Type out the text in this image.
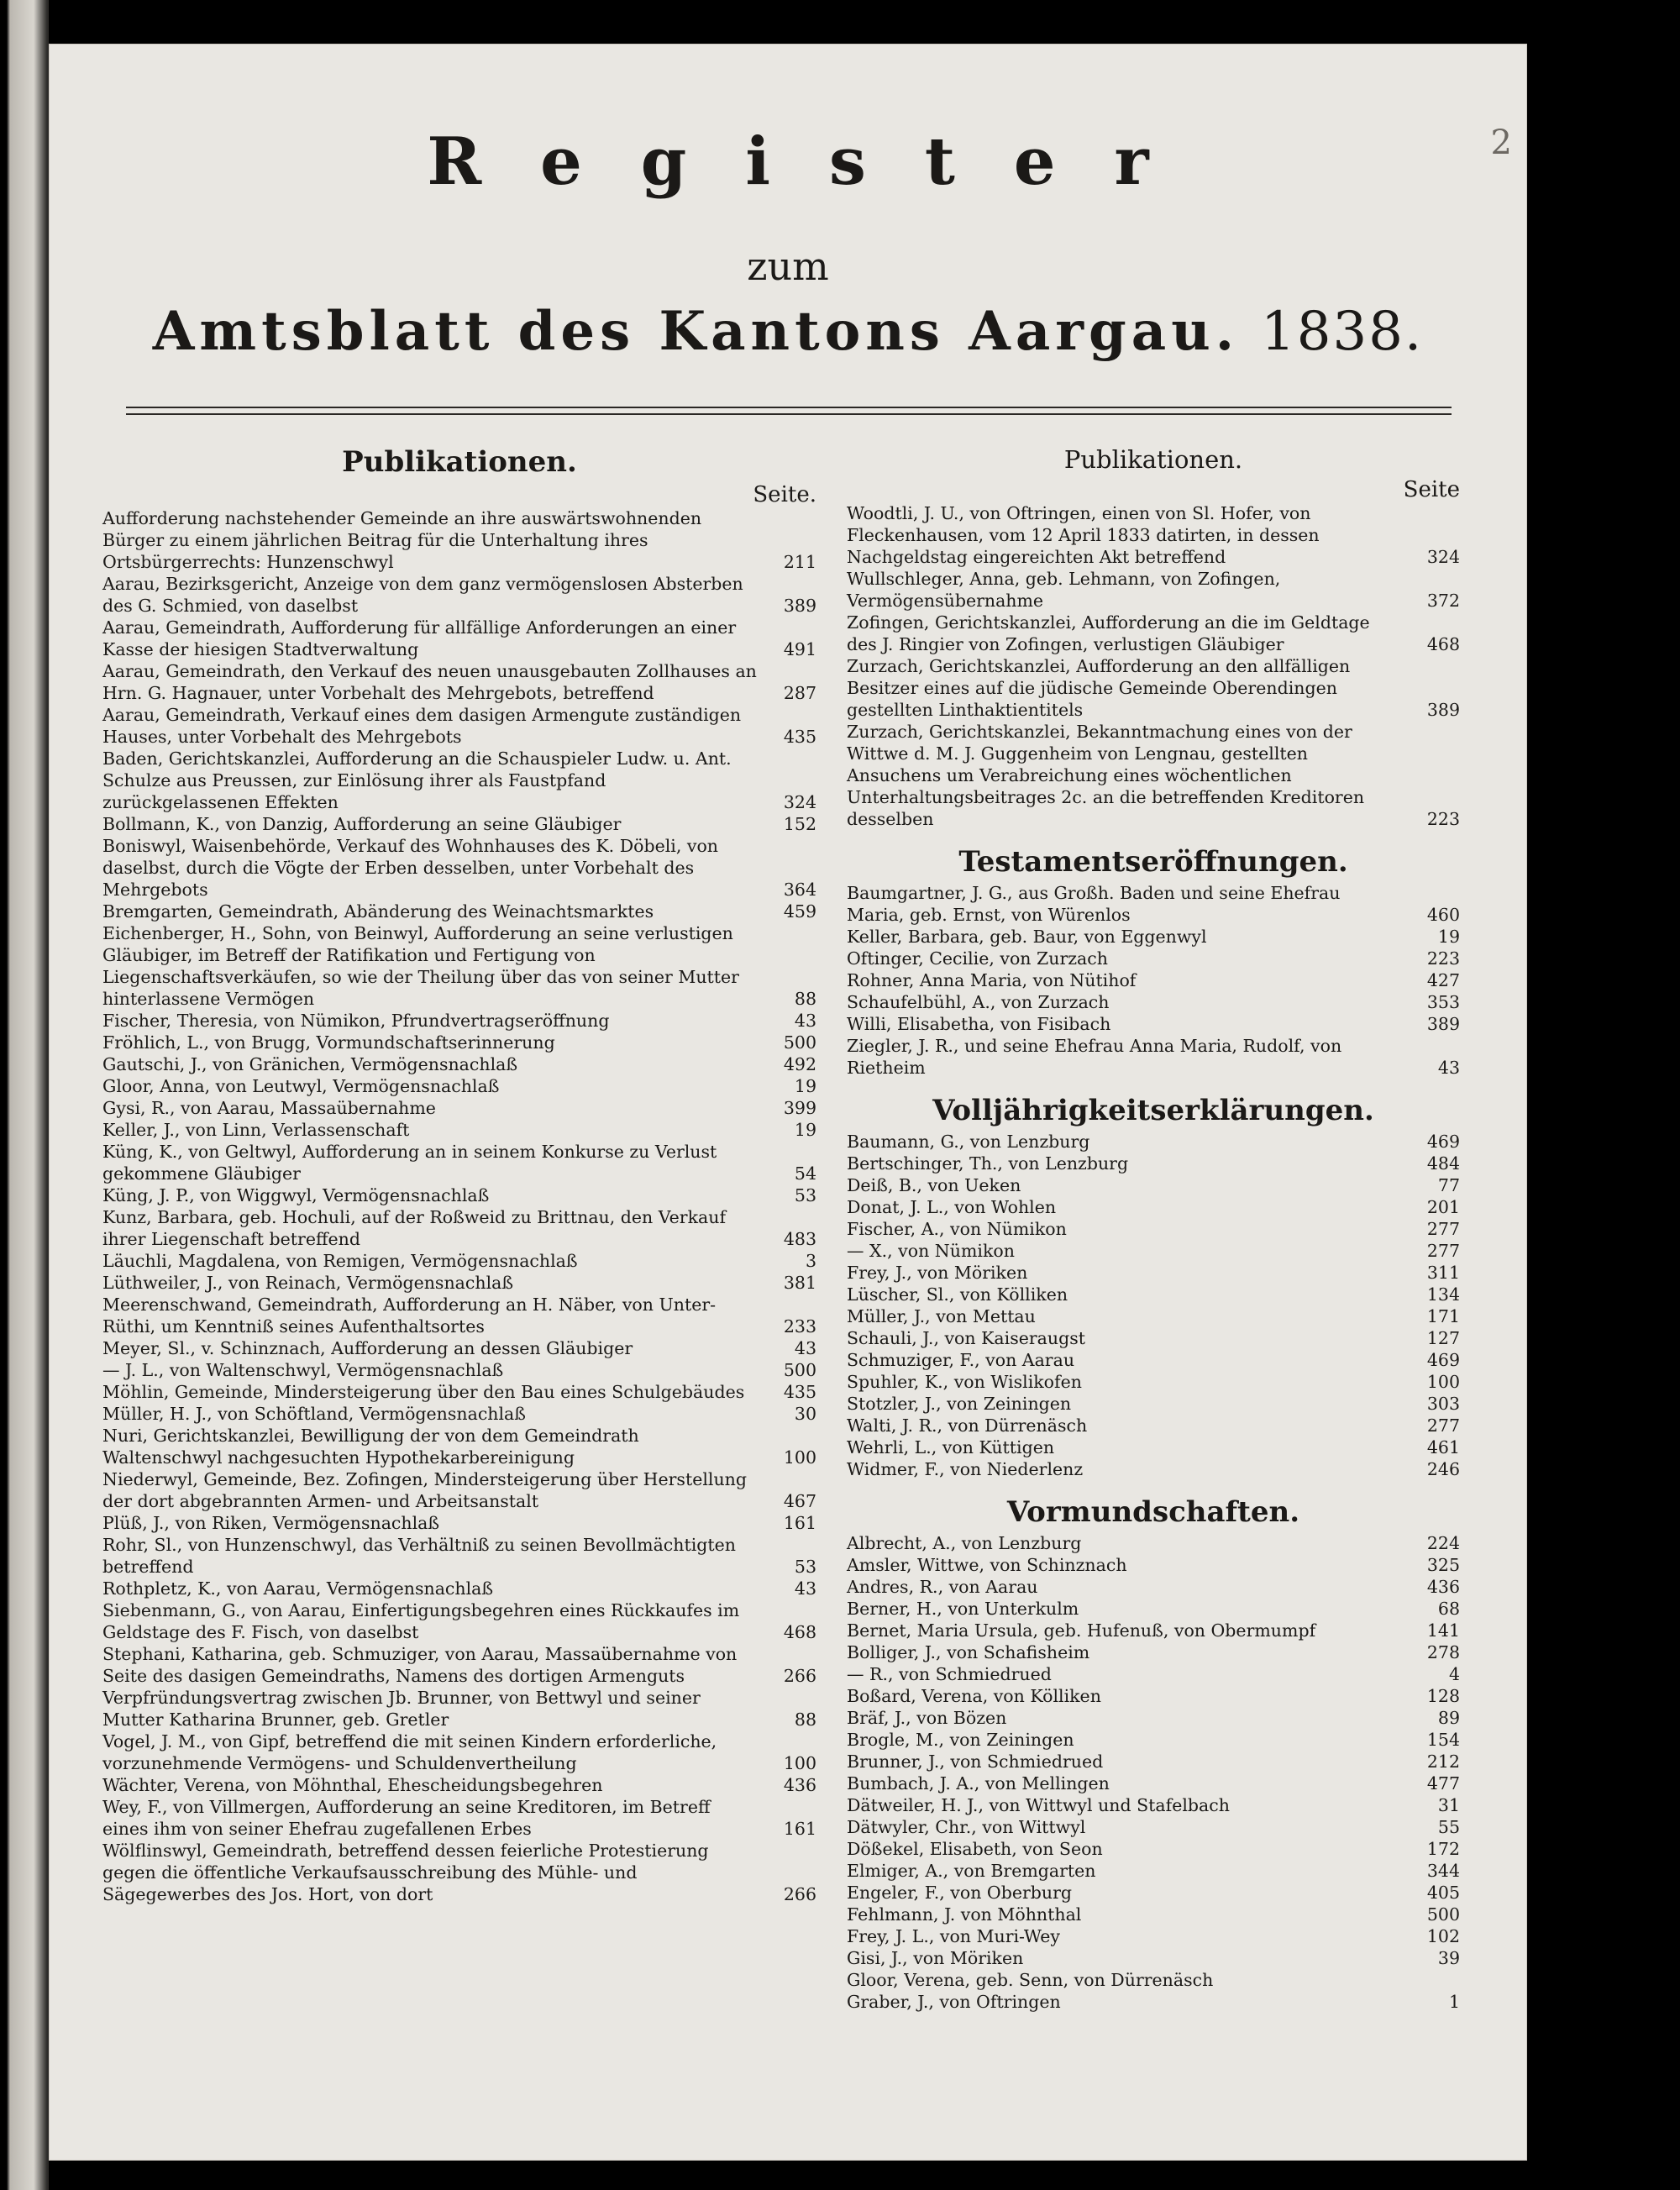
2
Register
zum
Amtsblatt des Kantons Aargau. 1838.
Publikationen.
Seite.
Aufforderung nachstehender Gemeinde an ihre auswärtswohnenden Bürger zu einem jährlichen Beitrag für die Unterhaltung ihres Ortsbürgerrechts: Hunzenschwyl	211
Aarau, Bezirksgericht, Anzeige von dem ganz vermögenslosen Absterben des G. Schmied, von daselbst	389
Aarau, Gemeindrath, Aufforderung für allfällige Anforderungen an einer Kasse der hiesigen Stadtverwaltung	491
Aarau, Gemeindrath, den Verkauf des neuen unausgebauten Zollhauses an Hrn. G. Hagnauer, unter Vorbehalt des Mehrgebots, betreffend	287
Aarau, Gemeindrath, Verkauf eines dem dasigen Armengute zuständigen Hauses, unter Vorbehalt des Mehrgebots	435
Baden, Gerichtskanzlei, Aufforderung an die Schauspieler Ludw. u. Ant. Schulze aus Preussen, zur Einlösung ihrer als Faustpfand zurückgelassenen Effekten	324
Bollmann, K., von Danzig, Aufforderung an seine Gläubiger	152
Boniswyl, Waisenbehörde, Verkauf des Wohnhauses des K. Döbeli, von daselbst, durch die Vögte der Erben desselben, unter Vorbehalt des Mehrgebots	364
Bremgarten, Gemeindrath, Abänderung des Weinachtsmarktes	459
Eichenberger, H., Sohn, von Beinwyl, Aufforderung an seine verlustigen Gläubiger, im Betreff der Ratifikation und Fertigung von Liegenschaftsverkäufen, so wie der Theilung über das von seiner Mutter hinterlassene Vermögen	88
Fischer, Theresia, von Nümikon, Pfrundvertragseröffnung	43
Fröhlich, L., von Brugg, Vormundschaftserinnerung	500
Gautschi, J., von Gränichen, Vermögensnachlaß	492
Gloor, Anna, von Leutwyl, Vermögensnachlaß	19
Gysi, R., von Aarau, Massaübernahme	399
Keller, J., von Linn, Verlassenschaft	19
Küng, K., von Geltwyl, Aufforderung an in seinem Konkurse zu Verlust gekommene Gläubiger	54
Küng, J. P., von Wiggwyl, Vermögensnachlaß	53
Kunz, Barbara, geb. Hochuli, auf der Roßweid zu Brittnau, den Verkauf ihrer Liegenschaft betreffend	483
Läuchli, Magdalena, von Remigen, Vermögensnachlaß	3
Lüthweiler, J., von Reinach, Vermögensnachlaß	381
Meerenschwand, Gemeindrath, Aufforderung an H. Näber, von Unter-Rüthi, um Kenntniß seines Aufenthaltsortes	233
Meyer, Sl., v. Schinznach, Aufforderung an dessen Gläubiger	43
— J. L., von Waltenschwyl, Vermögensnachlaß	500
Möhlin, Gemeinde, Mindersteigerung über den Bau eines Schulgebäudes	435
Müller, H. J., von Schöftland, Vermögensnachlaß	30
Nuri, Gerichtskanzlei, Bewilligung der von dem Gemeindrath Waltenschwyl nachgesuchten Hypothekarbereinigung	100
Niederwyl, Gemeinde, Bez. Zofingen, Mindersteigerung über Herstellung der dort abgebrannten Armen- und Arbeitsanstalt	467
Plüß, J., von Riken, Vermögensnachlaß	161
Rohr, Sl., von Hunzenschwyl, das Verhältniß zu seinen Bevollmächtigten betreffend	53
Rothpletz, K., von Aarau, Vermögensnachlaß	43
Siebenmann, G., von Aarau, Einfertigungsbegehren eines Rückkaufes im Geldstage des F. Fisch, von daselbst	468
Stephani, Katharina, geb. Schmuziger, von Aarau, Massaübernahme von Seite des dasigen Gemeindraths, Namens des dortigen Armenguts	266
Verpfründungsvertrag zwischen Jb. Brunner, von Bettwyl und seiner Mutter Katharina Brunner, geb. Gretler	88
Vogel, J. M., von Gipf, betreffend die mit seinen Kindern erforderliche, vorzunehmende Vermögens- und Schuldenvertheilung	100
Wächter, Verena, von Möhnthal, Ehescheidungsbegehren	436
Wey, F., von Villmergen, Aufforderung an seine Kreditoren, im Betreff eines ihm von seiner Ehefrau zugefallenen Erbes	161
Wölflinswyl, Gemeindrath, betreffend dessen feierliche Protestierung gegen die öffentliche Verkaufsausschreibung des Mühle- und Sägegewerbes des Jos. Hort, von dort	266
Publikationen.
Seite
Woodtli, J. U., von Oftringen, einen von Sl. Hofer, von Fleckenhausen, vom 12 April 1833 datirten, in dessen Nachgeldstag eingereichten Akt betreffend	324
Wullschleger, Anna, geb. Lehmann, von Zofingen, Vermögensübernahme	372
Zofingen, Gerichtskanzlei, Aufforderung an die im Geldtage des J. Ringier von Zofingen, verlustigen Gläubiger	468
Zurzach, Gerichtskanzlei, Aufforderung an den allfälligen Besitzer eines auf die jüdische Gemeinde Oberendingen gestellten Linthaktientitels	389
Zurzach, Gerichtskanzlei, Bekanntmachung eines von der Wittwe d. M. J. Guggenheim von Lengnau, gestellten Ansuchens um Verabreichung eines wöchentlichen Unterhaltungsbeitrages 2c. an die betreffenden Kreditoren desselben	223
Testamentseröffnungen.
Baumgartner, J. G., aus Großh. Baden und seine Ehefrau Maria, geb. Ernst, von Würenlos	460
Keller, Barbara, geb. Baur, von Eggenwyl	19
Oftinger, Cecilie, von Zurzach	223
Rohner, Anna Maria, von Nütihof	427
Schaufelbühl, A., von Zurzach	353
Willi, Elisabetha, von Fisibach	389
Ziegler, J. R., und seine Ehefrau Anna Maria, Rudolf, von Rietheim	43
Volljährigkeitserklärungen.
Baumann, G., von Lenzburg	469
Bertschinger, Th., von Lenzburg	484
Deiß, B., von Ueken	77
Donat, J. L., von Wohlen	201
Fischer, A., von Nümikon	277
— X., von Nümikon	277
Frey, J., von Möriken	311
Lüscher, Sl., von Kölliken	134
Müller, J., von Mettau	171
Schauli, J., von Kaiseraugst	127
Schmuziger, F., von Aarau	469
Spuhler, K., von Wislikofen	100
Stotzler, J., von Zeiningen	303
Walti, J. R., von Dürrenäsch	277
Wehrli, L., von Küttigen	461
Widmer, F., von Niederlenz	246
Vormundschaften.
Albrecht, A., von Lenzburg	224
Amsler, Wittwe, von Schinznach	325
Andres, R., von Aarau	436
Berner, H., von Unterkulm	68
Bernet, Maria Ursula, geb. Hufenuß, von Obermumpf	141
Bolliger, J., von Schafisheim	278
— R., von Schmiedrued	4
Boßard, Verena, von Kölliken	128
Bräf, J., von Bözen	89
Brogle, M., von Zeiningen	154
Brunner, J., von Schmiedrued	212
Bumbach, J. A., von Mellingen	477
Dätweiler, H. J., von Wittwyl und Stafelbach	31
Dätwyler, Chr., von Wittwyl	55
Dößekel, Elisabeth, von Seon	172
Elmiger, A., von Bremgarten	344
Engeler, F., von Oberburg	405
Fehlmann, J. von Möhnthal	500
Frey, J. L., von Muri-Wey	102
Gisi, J., von Möriken	39
Gloor, Verena, geb. Senn, von Dürrenäsch
Graber, J., von Oftringen	1
